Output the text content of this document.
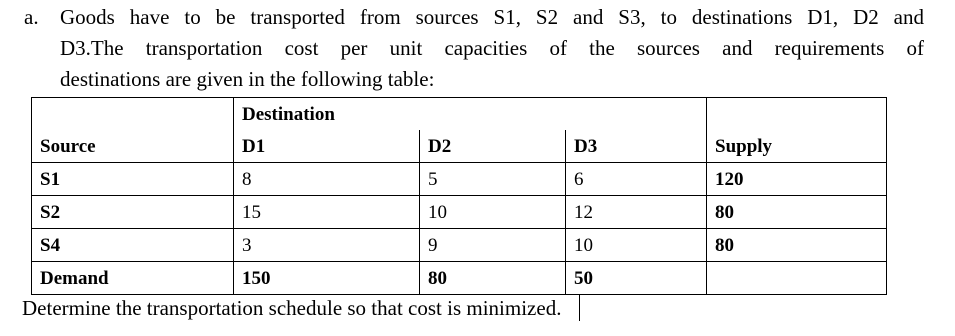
a. Goods have to be transported from sources S1, S2 and S3, to destinations D1, D2 and
D3.The transportation cost per unit capacities of the sources and requirements of
destinations are given in the following table:
	Destination			
Source	D1	D2	D3	Supply
S1	8	5	6	120
S2	15	10	12	80
S4	3	9	10	80
Demand	150	80	50	
Determine the transportation schedule so that cost is minimized.
